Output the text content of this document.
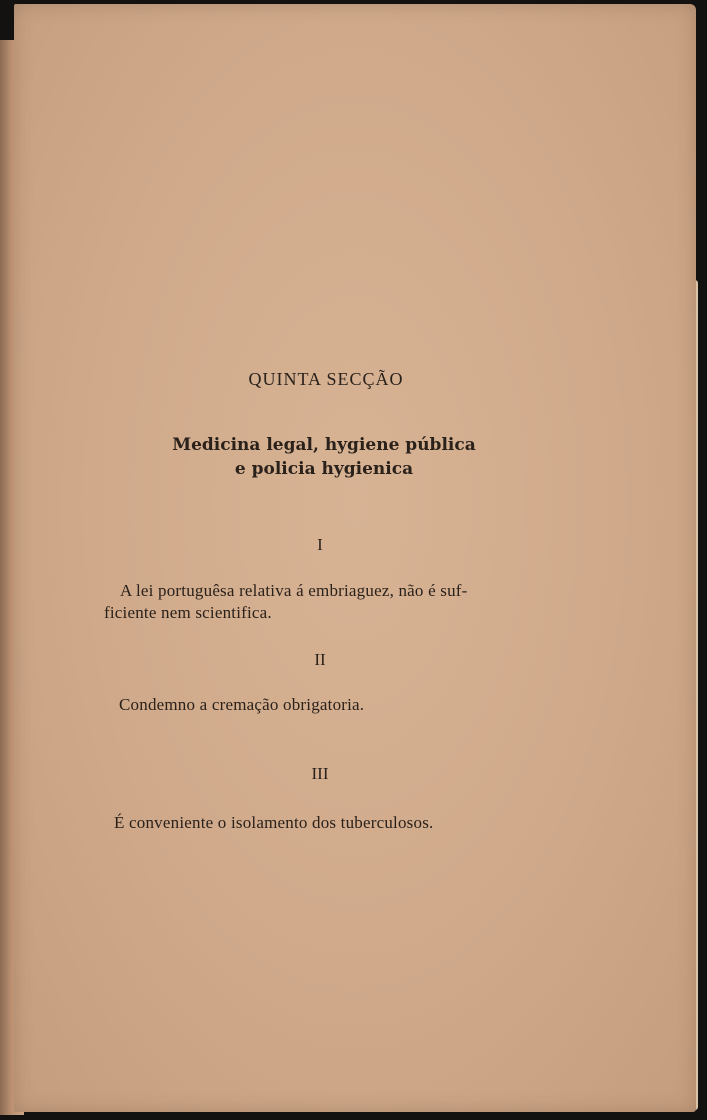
QUINTA SECÇÃO
Medicina legal, hygiene pública
e policia hygienica
I
A lei portuguêsa relativa á embriaguez, não é suf-
ficiente nem scientifica.
II
Condemno a cremação obrigatoria.
III
É conveniente o isolamento dos tuberculosos.
